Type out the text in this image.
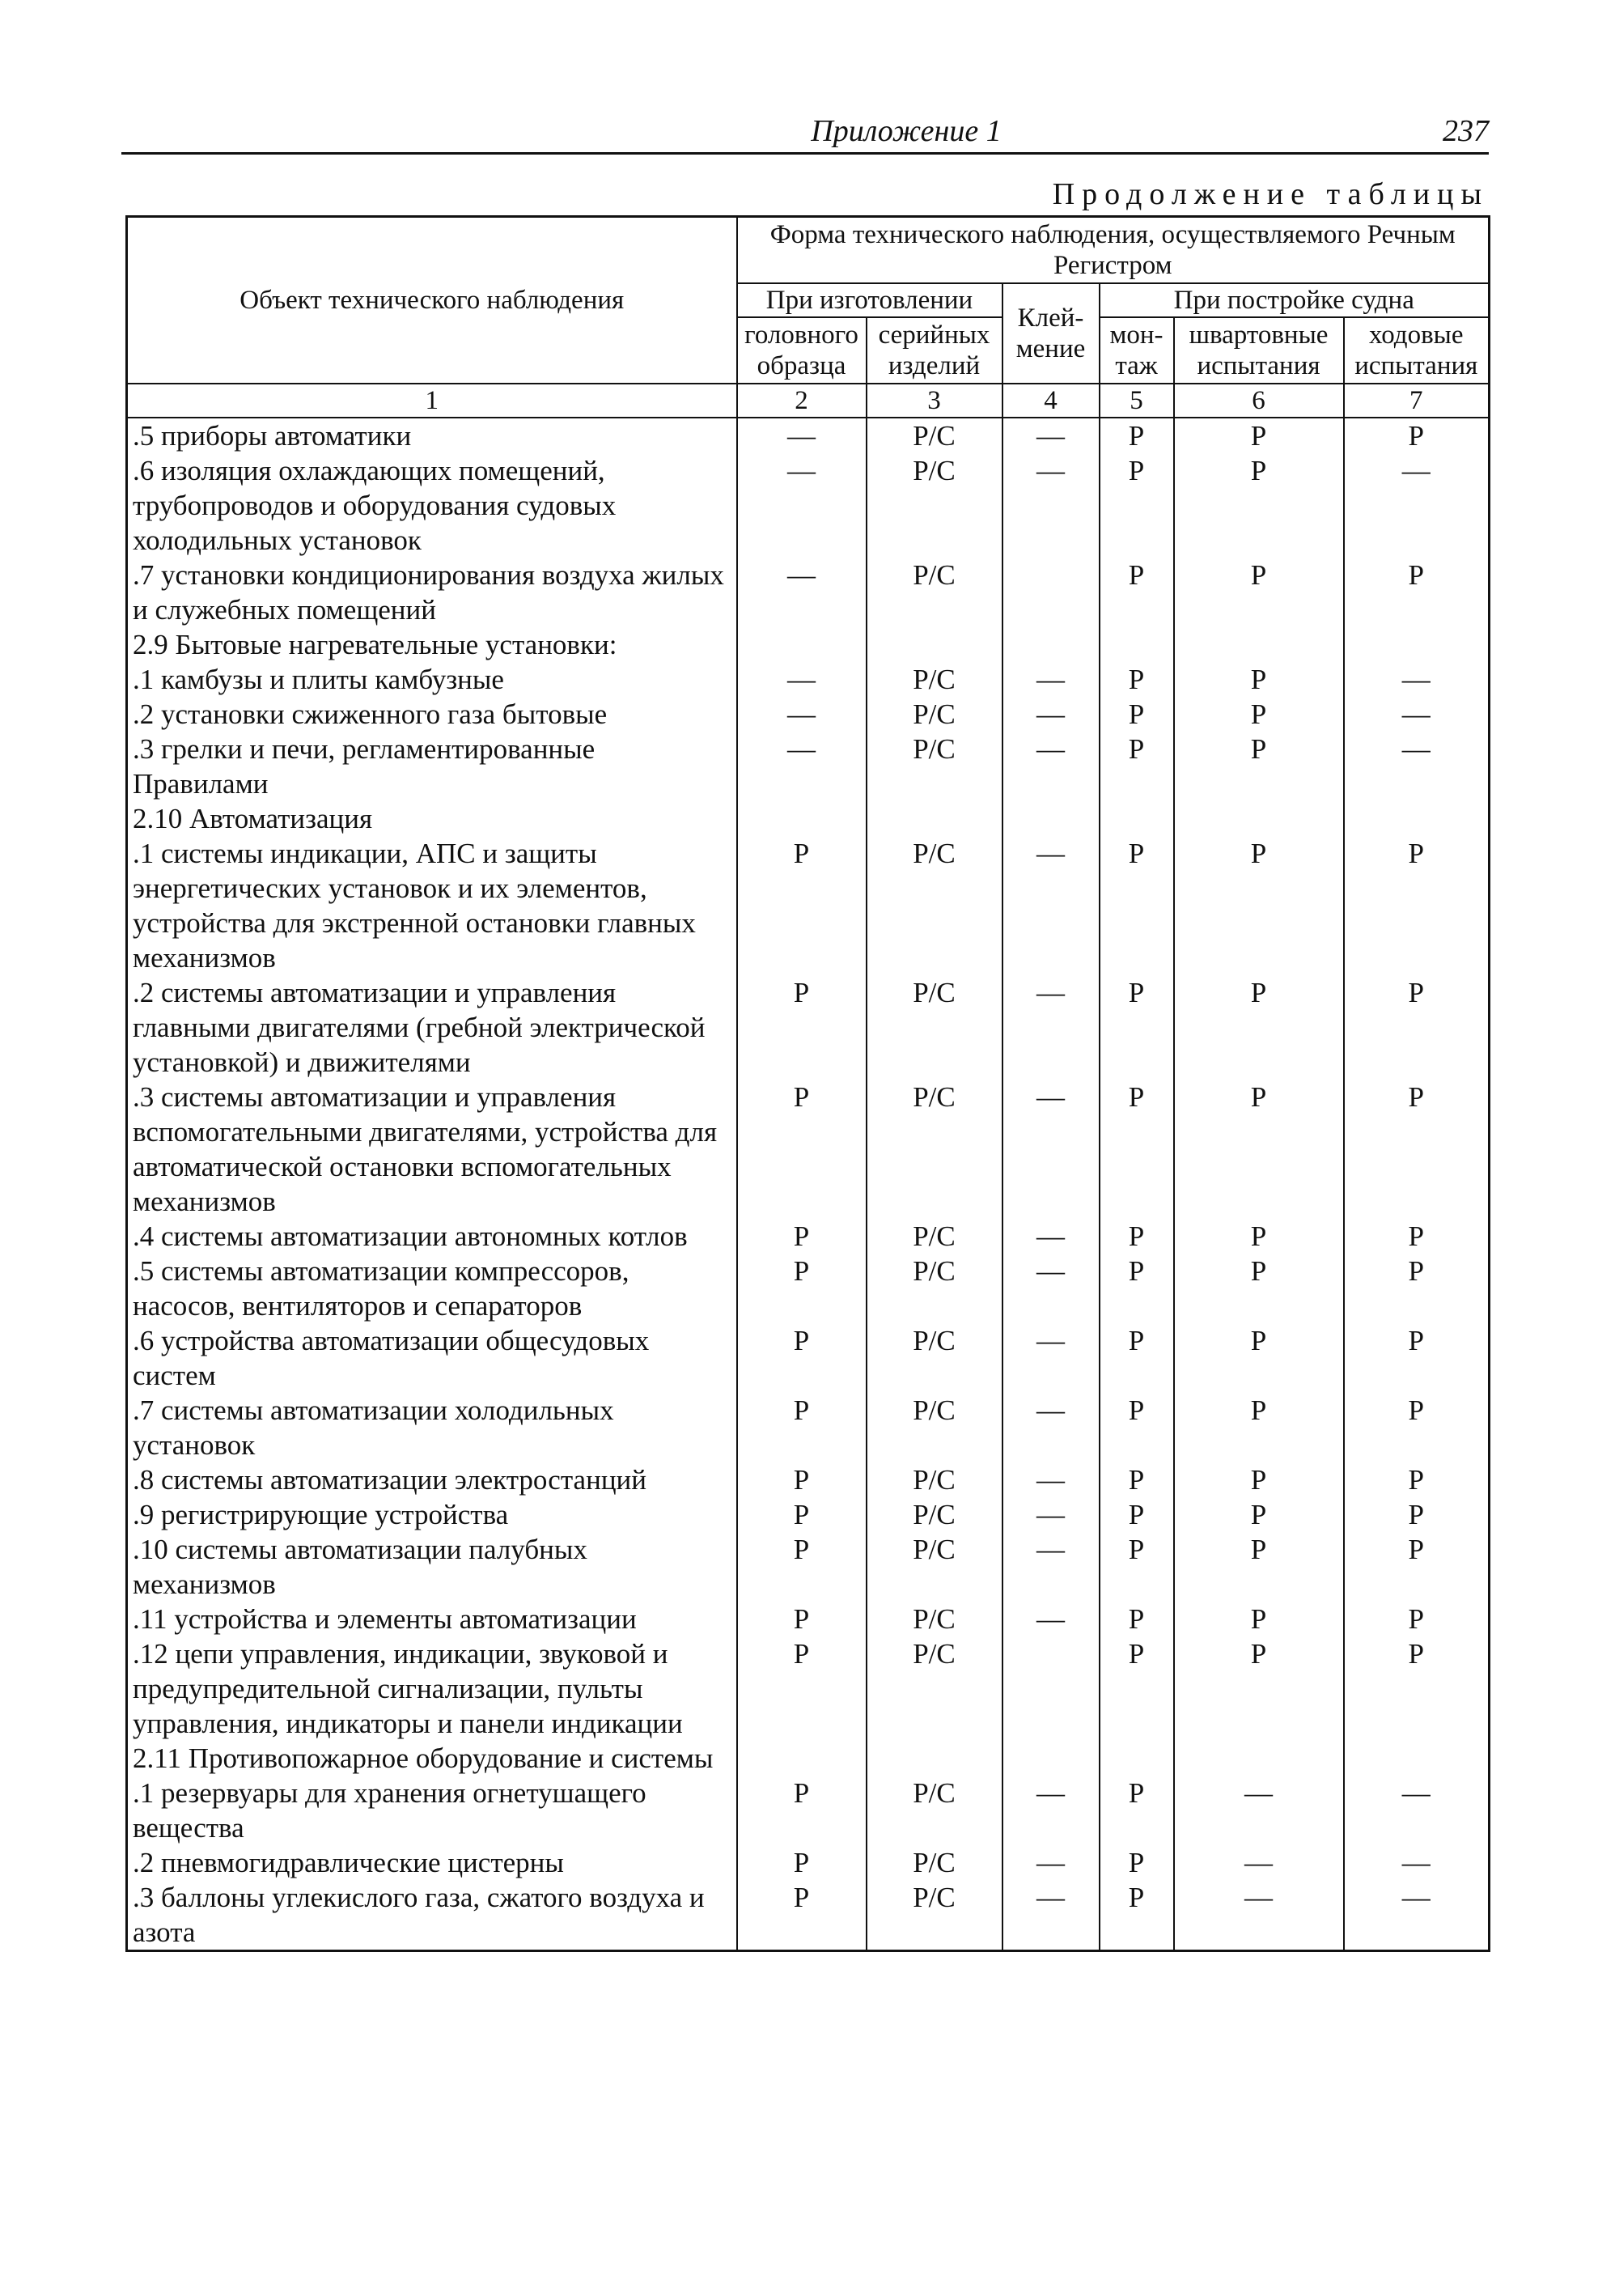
Приложение 1	237
Продолжение таблицы
Объект технического наблюдения	Форма технического наблюдения, осуществляемого Речным Регистром					
	При изготовлении		Клей-мение	При постройке судна		
	головного образца	серийных изделий		мон-таж	швартовные испытания	ходовые испытания
1	2	3	4	5	6	7
.5 приборы автоматики	—	Р/С	—	Р	Р	Р
.6 изоляция охлаждающих помещений, трубопроводов и оборудования судовых холодильных установок	—	Р/С	—	Р	Р	—
.7 установки кондиционирования воздуха жилых и служебных помещений	—	Р/С		Р	Р	Р
2.9 Бытовые нагревательные установки:						
.1 камбузы и плиты камбузные	—	Р/С	—	Р	Р	—
.2 установки сжиженного газа бытовые	—	Р/С	—	Р	Р	—
.3 грелки и печи, регламентированные Правилами	—	Р/С	—	Р	Р	—
2.10 Автоматизация						
.1 системы индикации, АПС и защиты энергетических установок и их элементов, устройства для экстренной остановки главных механизмов	Р	Р/С	—	Р	Р	Р
.2 системы автоматизации и управления главными двигателями (гребной электрической установкой) и движителями	Р	Р/С	—	Р	Р	Р
.3 системы автоматизации и управления вспомогательными двигателями, устройства для автоматической остановки вспомогательных механизмов	Р	Р/С	—	Р	Р	Р
.4 системы автоматизации автономных котлов	Р	Р/С	—	Р	Р	Р
.5 системы автоматизации компрессоров, насосов, вентиляторов и сепараторов	Р	Р/С	—	Р	Р	Р
.6 устройства автоматизации общесудовых систем	Р	Р/С	—	Р	Р	Р
.7 системы автоматизации холодильных установок	Р	Р/С	—	Р	Р	Р
.8 системы автоматизации электростанций	Р	Р/С	—	Р	Р	Р
.9 регистрирующие устройства	Р	Р/С	—	Р	Р	Р
.10 системы автоматизации палубных механизмов	Р	Р/С	—	Р	Р	Р
.11 устройства и элементы автоматизации	Р	Р/С	—	Р	Р	Р
.12 цепи управления, индикации, звуковой и предупредительной сигнализации, пульты управления, индикаторы и панели индикации	Р	Р/С		Р	Р	Р
2.11 Противопожарное оборудование и системы						
.1 резервуары для хранения огнетушащего вещества	Р	Р/С	—	Р	—	—
.2 пневмогидравлические цистерны	Р	Р/С	—	Р	—	—
.3 баллоны углекислого газа, сжатого воздуха и азота	Р	Р/С	—	Р	—	—
